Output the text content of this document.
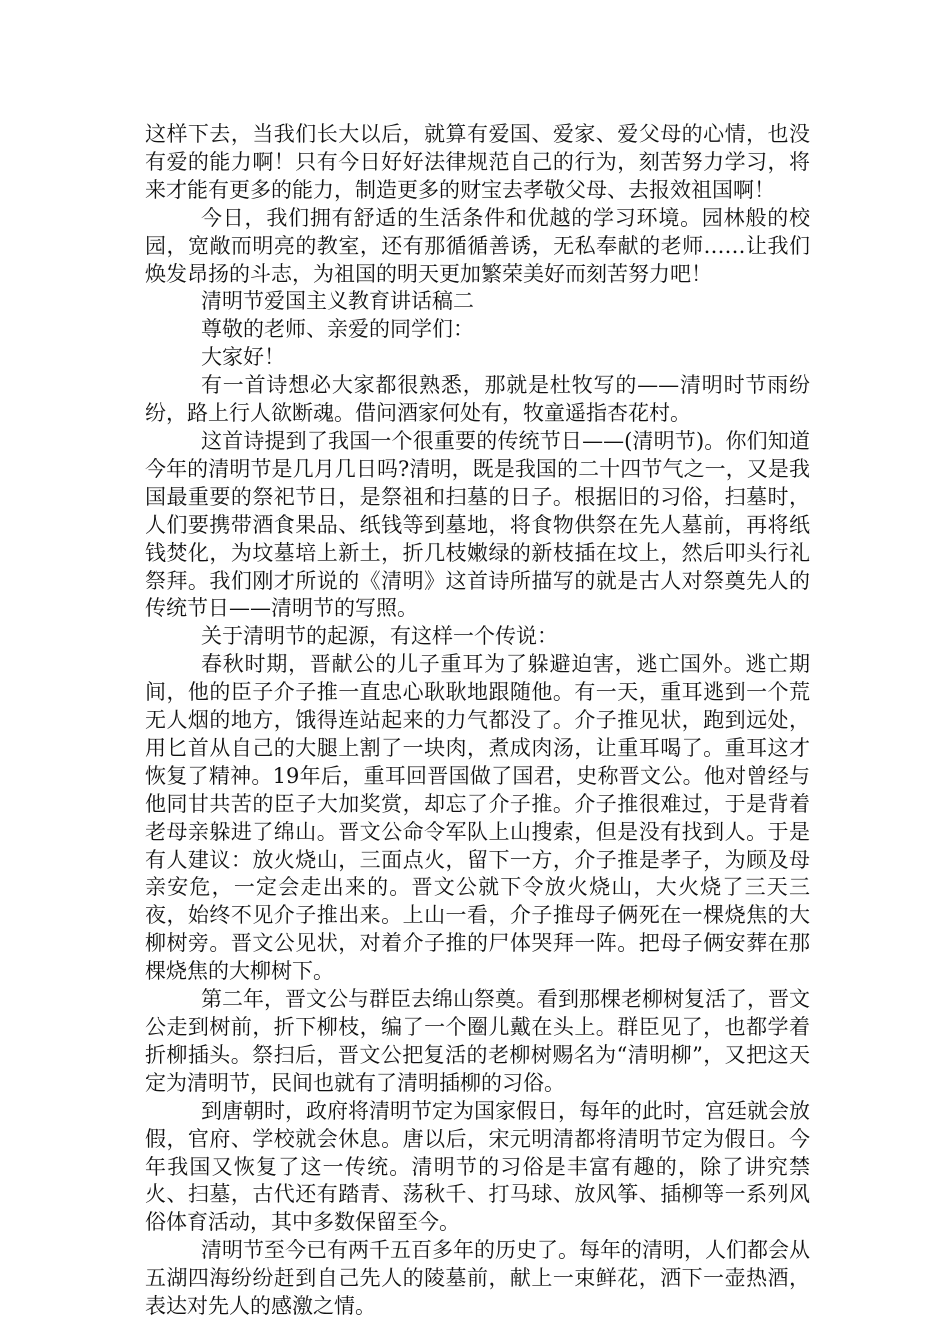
这样下去，当我们长大以后，就算有爱国、爱家、爱父母的心情，也没有爱的能力啊！只有今日好好法律规范自己的行为，刻苦努力学习，将来才能有更多的能力，制造更多的财宝去孝敬父母、去报效祖国啊！

今日，我们拥有舒适的生活条件和优越的学习环境。园林般的校园，宽敞而明亮的教室，还有那循循善诱，无私奉献的老师……让我们焕发昂扬的斗志，为祖国的明天更加繁荣美好而刻苦努力吧！

清明节爱国主义教育讲话稿二

尊敬的老师、亲爱的同学们：

大家好！

有一首诗想必大家都很熟悉，那就是杜牧写的——清明时节雨纷纷，路上行人欲断魂。借问酒家何处有，牧童遥指杏花村。

这首诗提到了我国一个很重要的传统节日——(清明节)。你们知道今年的清明节是几月几日吗?清明，既是我国的二十四节气之一，又是我国最重要的祭祀节日，是祭祖和扫墓的日子。根据旧的习俗，扫墓时，人们要携带酒食果品、纸钱等到墓地，将食物供祭在先人墓前，再将纸钱焚化，为坟墓培上新土，折几枝嫩绿的新枝插在坟上，然后叩头行礼祭拜。我们刚才所说的《清明》这首诗所描写的就是古人对祭奠先人的传统节日——清明节的写照。

关于清明节的起源，有这样一个传说：

春秋时期，晋献公的儿子重耳为了躲避迫害，逃亡国外。逃亡期间，他的臣子介子推一直忠心耿耿地跟随他。有一天，重耳逃到一个荒无人烟的地方，饿得连站起来的力气都没了。介子推见状，跑到远处，用匕首从自己的大腿上割了一块肉，煮成肉汤，让重耳喝了。重耳这才恢复了精神。19年后，重耳回晋国做了国君，史称晋文公。他对曾经与他同甘共苦的臣子大加奖赏，却忘了介子推。介子推很难过，于是背着老母亲躲进了绵山。晋文公命令军队上山搜索，但是没有找到人。于是有人建议：放火烧山，三面点火，留下一方，介子推是孝子，为顾及母亲安危，一定会走出来的。晋文公就下令放火烧山，大火烧了三天三夜，始终不见介子推出来。上山一看，介子推母子俩死在一棵烧焦的大柳树旁。晋文公见状，对着介子推的尸体哭拜一阵。把母子俩安葬在那棵烧焦的大柳树下。

第二年，晋文公与群臣去绵山祭奠。看到那棵老柳树复活了，晋文公走到树前，折下柳枝，编了一个圈儿戴在头上。群臣见了，也都学着折柳插头。祭扫后，晋文公把复活的老柳树赐名为“清明柳”，又把这天定为清明节，民间也就有了清明插柳的习俗。

到唐朝时，政府将清明节定为国家假日，每年的此时，宫廷就会放假，官府、学校就会休息。唐以后，宋元明清都将清明节定为假日。今年我国又恢复了这一传统。清明节的习俗是丰富有趣的，除了讲究禁火、扫墓，古代还有踏青、荡秋千、打马球、放风筝、插柳等一系列风俗体育活动，其中多数保留至今。

清明节至今已有两千五百多年的历史了。每年的清明，人们都会从五湖四海纷纷赶到自己先人的陵墓前，献上一束鲜花，洒下一壶热酒，表达对先人的感激之情。
